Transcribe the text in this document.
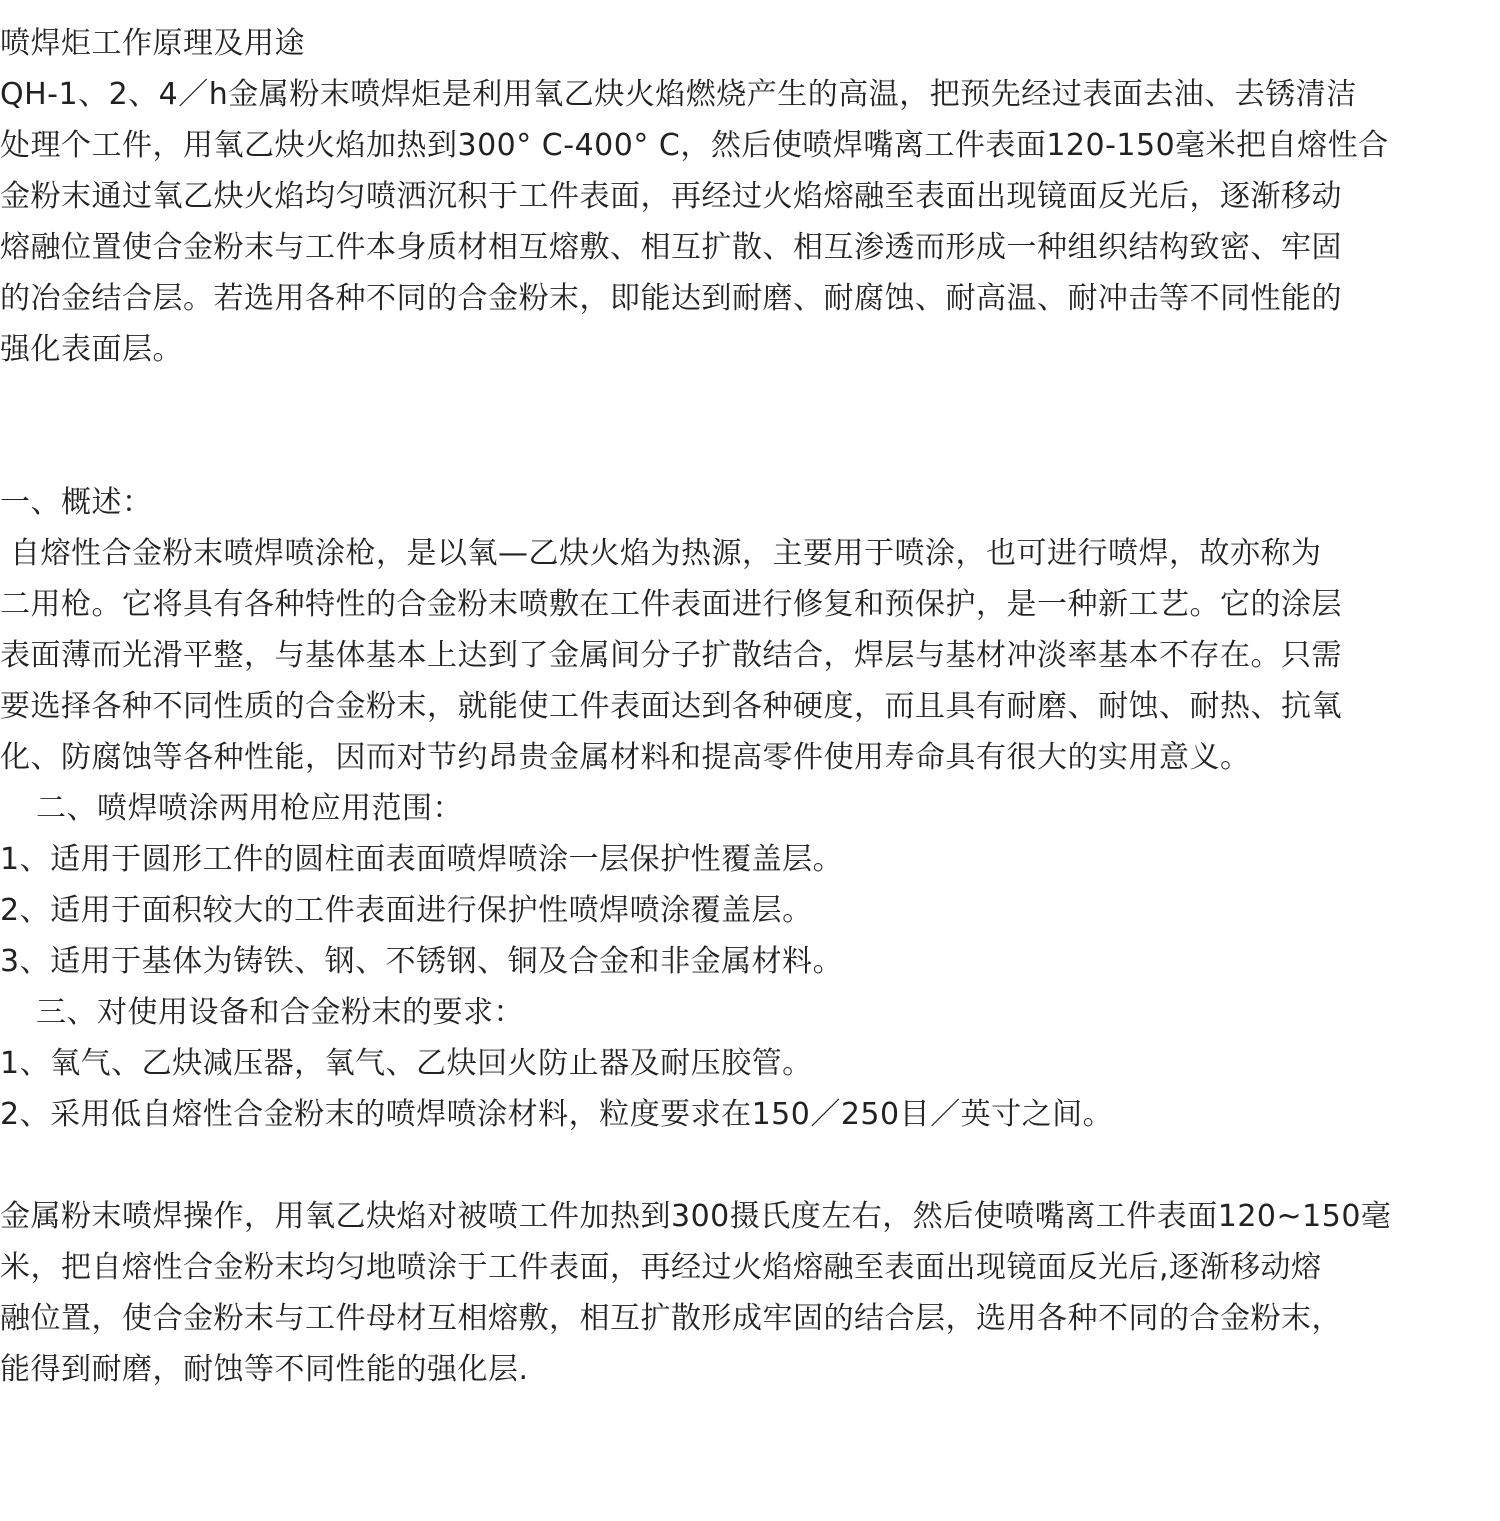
喷焊炬工作原理及用途
QH-1、2、4／h金属粉末喷焊炬是利用氧乙炔火焰燃烧产生的高温，把预先经过表面去油、去锈清洁
处理个工件，用氧乙炔火焰加热到300° C-400° C，然后使喷焊嘴离工件表面120-150毫米把自熔性合
金粉末通过氧乙炔火焰均匀喷洒沉积于工件表面，再经过火焰熔融至表面出现镜面反光后，逐渐移动
熔融位置使合金粉末与工件本身质材相互熔敷、相互扩散、相互渗透而形成一种组织结构致密、牢固
的冶金结合层。若选用各种不同的合金粉末，即能达到耐磨、耐腐蚀、耐高温、耐冲击等不同性能的
强化表面层。
一、概述：
自熔性合金粉末喷焊喷涂枪，是以氧—乙炔火焰为热源，主要用于喷涂，也可进行喷焊，故亦称为
二用枪。它将具有各种特性的合金粉末喷敷在工件表面进行修复和预保护，是一种新工艺。它的涂层
表面薄而光滑平整，与基体基本上达到了金属间分子扩散结合，焊层与基材冲淡率基本不存在。只需
要选择各种不同性质的合金粉末，就能使工件表面达到各种硬度，而且具有耐磨、耐蚀、耐热、抗氧
化、防腐蚀等各种性能，因而对节约昂贵金属材料和提高零件使用寿命具有很大的实用意义。
二、喷焊喷涂两用枪应用范围：
1、适用于圆形工件的圆柱面表面喷焊喷涂一层保护性覆盖层。
2、适用于面积较大的工件表面进行保护性喷焊喷涂覆盖层。
3、适用于基体为铸铁、钢、不锈钢、铜及合金和非金属材料。
三、对使用设备和合金粉末的要求：
1、氧气、乙炔减压器，氧气、乙炔回火防止器及耐压胶管。
2、采用低自熔性合金粉末的喷焊喷涂材料，粒度要求在150／250目／英寸之间。
金属粉末喷焊操作，用氧乙炔焰对被喷工件加热到300摄氏度左右，然后使喷嘴离工件表面120~150毫
米，把自熔性合金粉末均匀地喷涂于工件表面，再经过火焰熔融至表面出现镜面反光后,逐渐移动熔
融位置，使合金粉末与工件母材互相熔敷，相互扩散形成牢固的结合层，选用各种不同的合金粉末，
能得到耐磨，耐蚀等不同性能的强化层.
